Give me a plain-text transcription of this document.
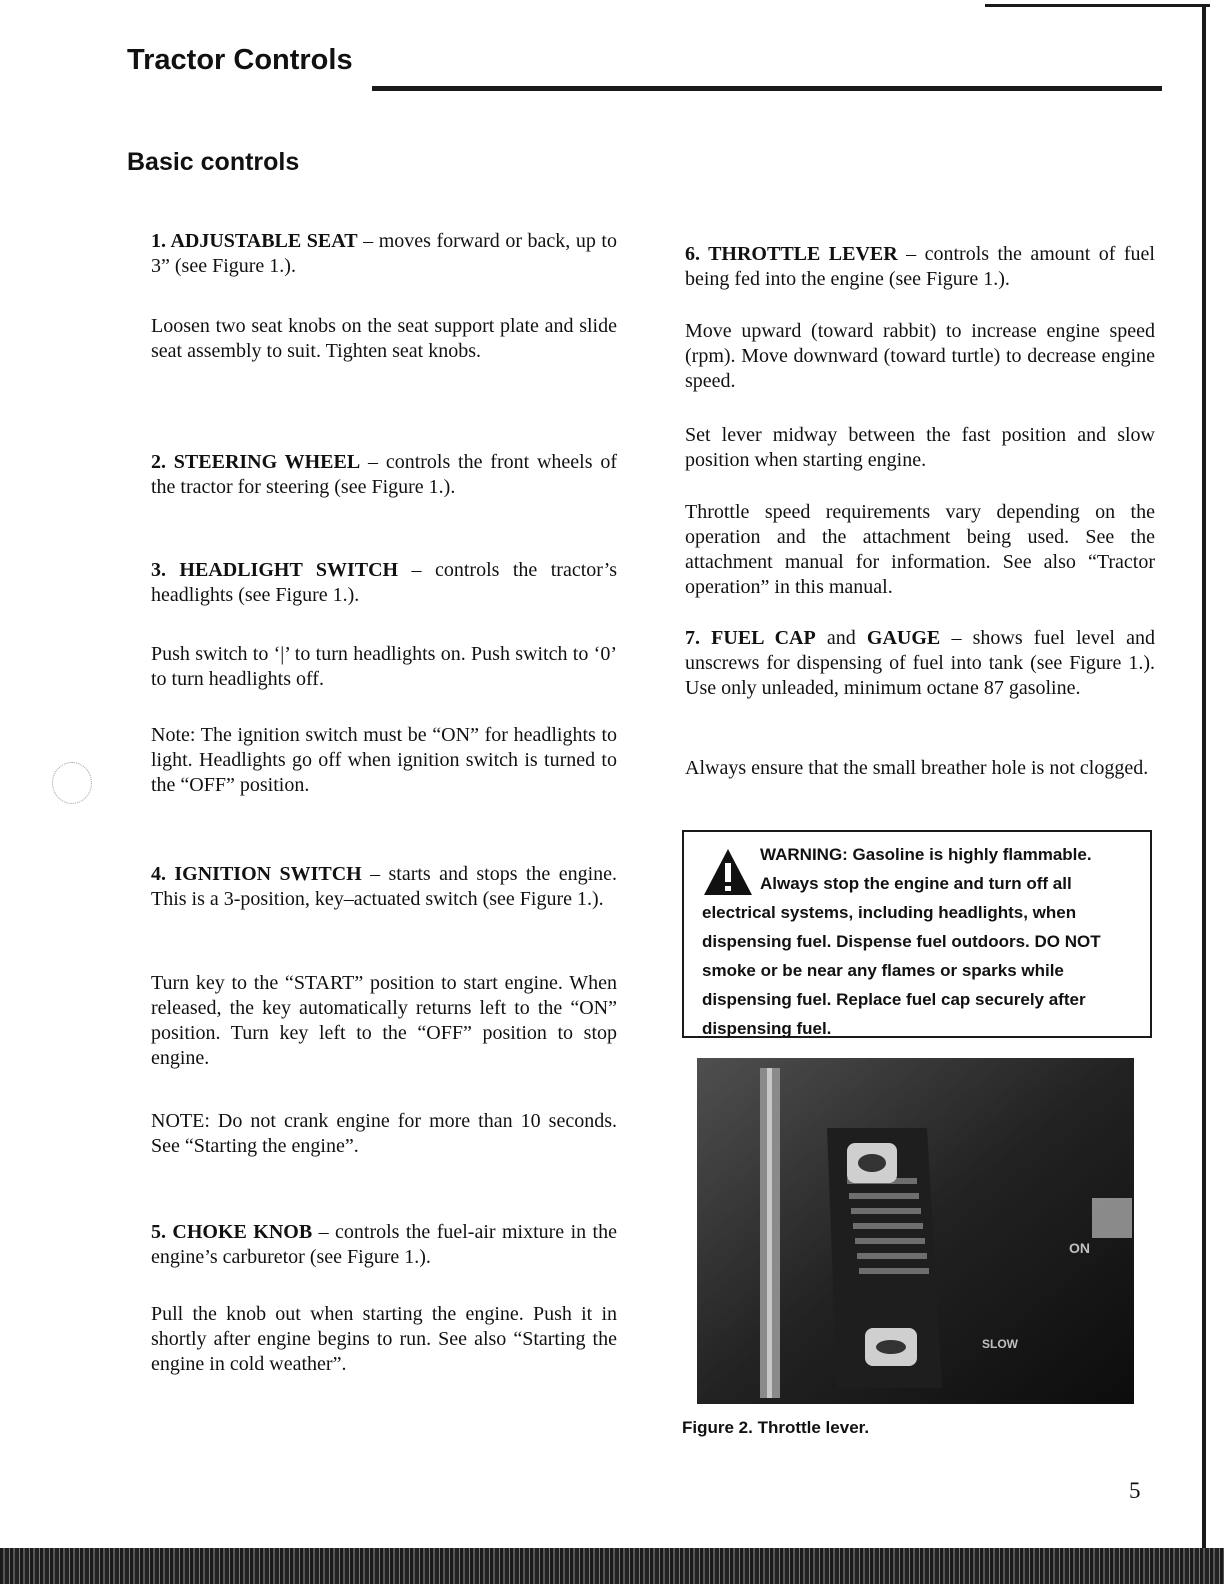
Tractor Controls
Basic controls

1. ADJUSTABLE SEAT – moves forward or back, up to 3” (see Figure 1.).

Loosen two seat knobs on the seat support plate and slide seat assembly to suit. Tighten seat knobs.

2. STEERING WHEEL – controls the front wheels of the tractor for steering (see Figure 1.).

3. HEADLIGHT SWITCH – controls the tractor’s headlights (see Figure 1.).

Push switch to ‘|’ to turn headlights on. Push switch to ‘0’ to turn headlights off.
Note: The ignition switch must be “ON” for headlights to light. Headlights go off when ignition switch is turned to the “OFF” position.

4. IGNITION SWITCH – starts and stops the engine. This is a 3-position, key–actuated switch (see Figure 1.).

Turn key to the “START” position to start engine. When released, the key automatically returns left to the “ON” position. Turn key left to the “OFF” position to stop engine.
NOTE: Do not crank engine for more than 10 seconds. See “Starting the engine”.

5. CHOKE KNOB – controls the fuel-air mixture in the engine’s carburetor (see Figure 1.).

Pull the knob out when starting the engine. Push it in shortly after engine begins to run. See also “Starting the engine in cold weather”.

6. THROTTLE LEVER – controls the amount of fuel being fed into the engine (see Figure 1.).

Move upward (toward rabbit) to increase engine speed (rpm). Move downward (toward turtle) to decrease engine speed.
Set lever midway between the fast position and slow position when starting engine.
Throttle speed requirements vary depending on the operation and the attachment being used. See the attachment manual for information. See also “Tractor operation” in this manual.

7. FUEL CAP and GAUGE – shows fuel level and unscrews for dispensing of fuel into tank (see Figure 1.). Use only unleaded, minimum octane 87 gasoline.

Always ensure that the small breather hole is not clogged.
WARNING: Gasoline is highly flammable. Always stop the engine and turn off all electrical systems, including headlights, when dispensing fuel. Dispense fuel outdoors. DO NOT smoke or be near any flames or sparks while dispensing fuel. Replace fuel cap securely after dispensing fuel.
ON
SLOW
Figure 2. Throttle lever.
5
